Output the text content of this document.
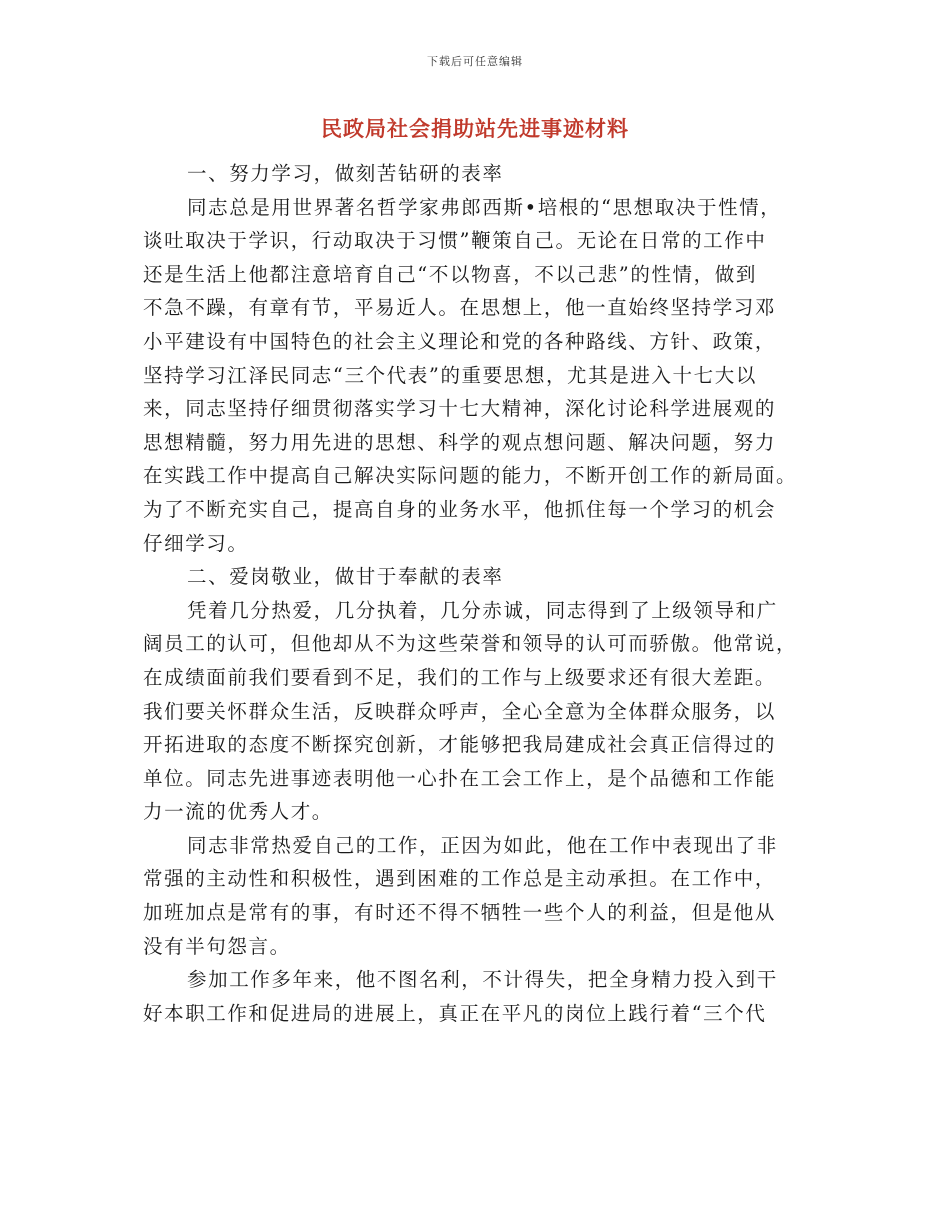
下载后可任意编辑
民政局社会捐助站先进事迹材料
一、努力学习，做刻苦钻研的表率
同志总是用世界著名哲学家弗郎西斯•培根的“思想取决于性情，
谈吐取决于学识，行动取决于习惯”鞭策自己。无论在日常的工作中
还是生活上他都注意培育自己“不以物喜，不以己悲”的性情，做到
不急不躁，有章有节，平易近人。在思想上，他一直始终坚持学习邓
小平建设有中国特色的社会主义理论和党的各种路线、方针、政策，
坚持学习江泽民同志“三个代表”的重要思想，尤其是进入十七大以
来，同志坚持仔细贯彻落实学习十七大精神，深化讨论科学进展观的
思想精髓，努力用先进的思想、科学的观点想问题、解决问题，努力
在实践工作中提高自己解决实际问题的能力，不断开创工作的新局面。
为了不断充实自己，提高自身的业务水平，他抓住每一个学习的机会
仔细学习。
二、爱岗敬业，做甘于奉献的表率
凭着几分热爱，几分执着，几分赤诚，同志得到了上级领导和广
阔员工的认可，但他却从不为这些荣誉和领导的认可而骄傲。他常说，
在成绩面前我们要看到不足，我们的工作与上级要求还有很大差距。
我们要关怀群众生活，反映群众呼声，全心全意为全体群众服务，以
开拓进取的态度不断探究创新，才能够把我局建成社会真正信得过的
单位。同志先进事迹表明他一心扑在工会工作上，是个品德和工作能
力一流的优秀人才。
同志非常热爱自己的工作，正因为如此，他在工作中表现出了非
常强的主动性和积极性，遇到困难的工作总是主动承担。在工作中，
加班加点是常有的事，有时还不得不牺牲一些个人的利益，但是他从
没有半句怨言。
参加工作多年来，他不图名利，不计得失，把全身精力投入到干
好本职工作和促进局的进展上，真正在平凡的岗位上践行着“三个代
